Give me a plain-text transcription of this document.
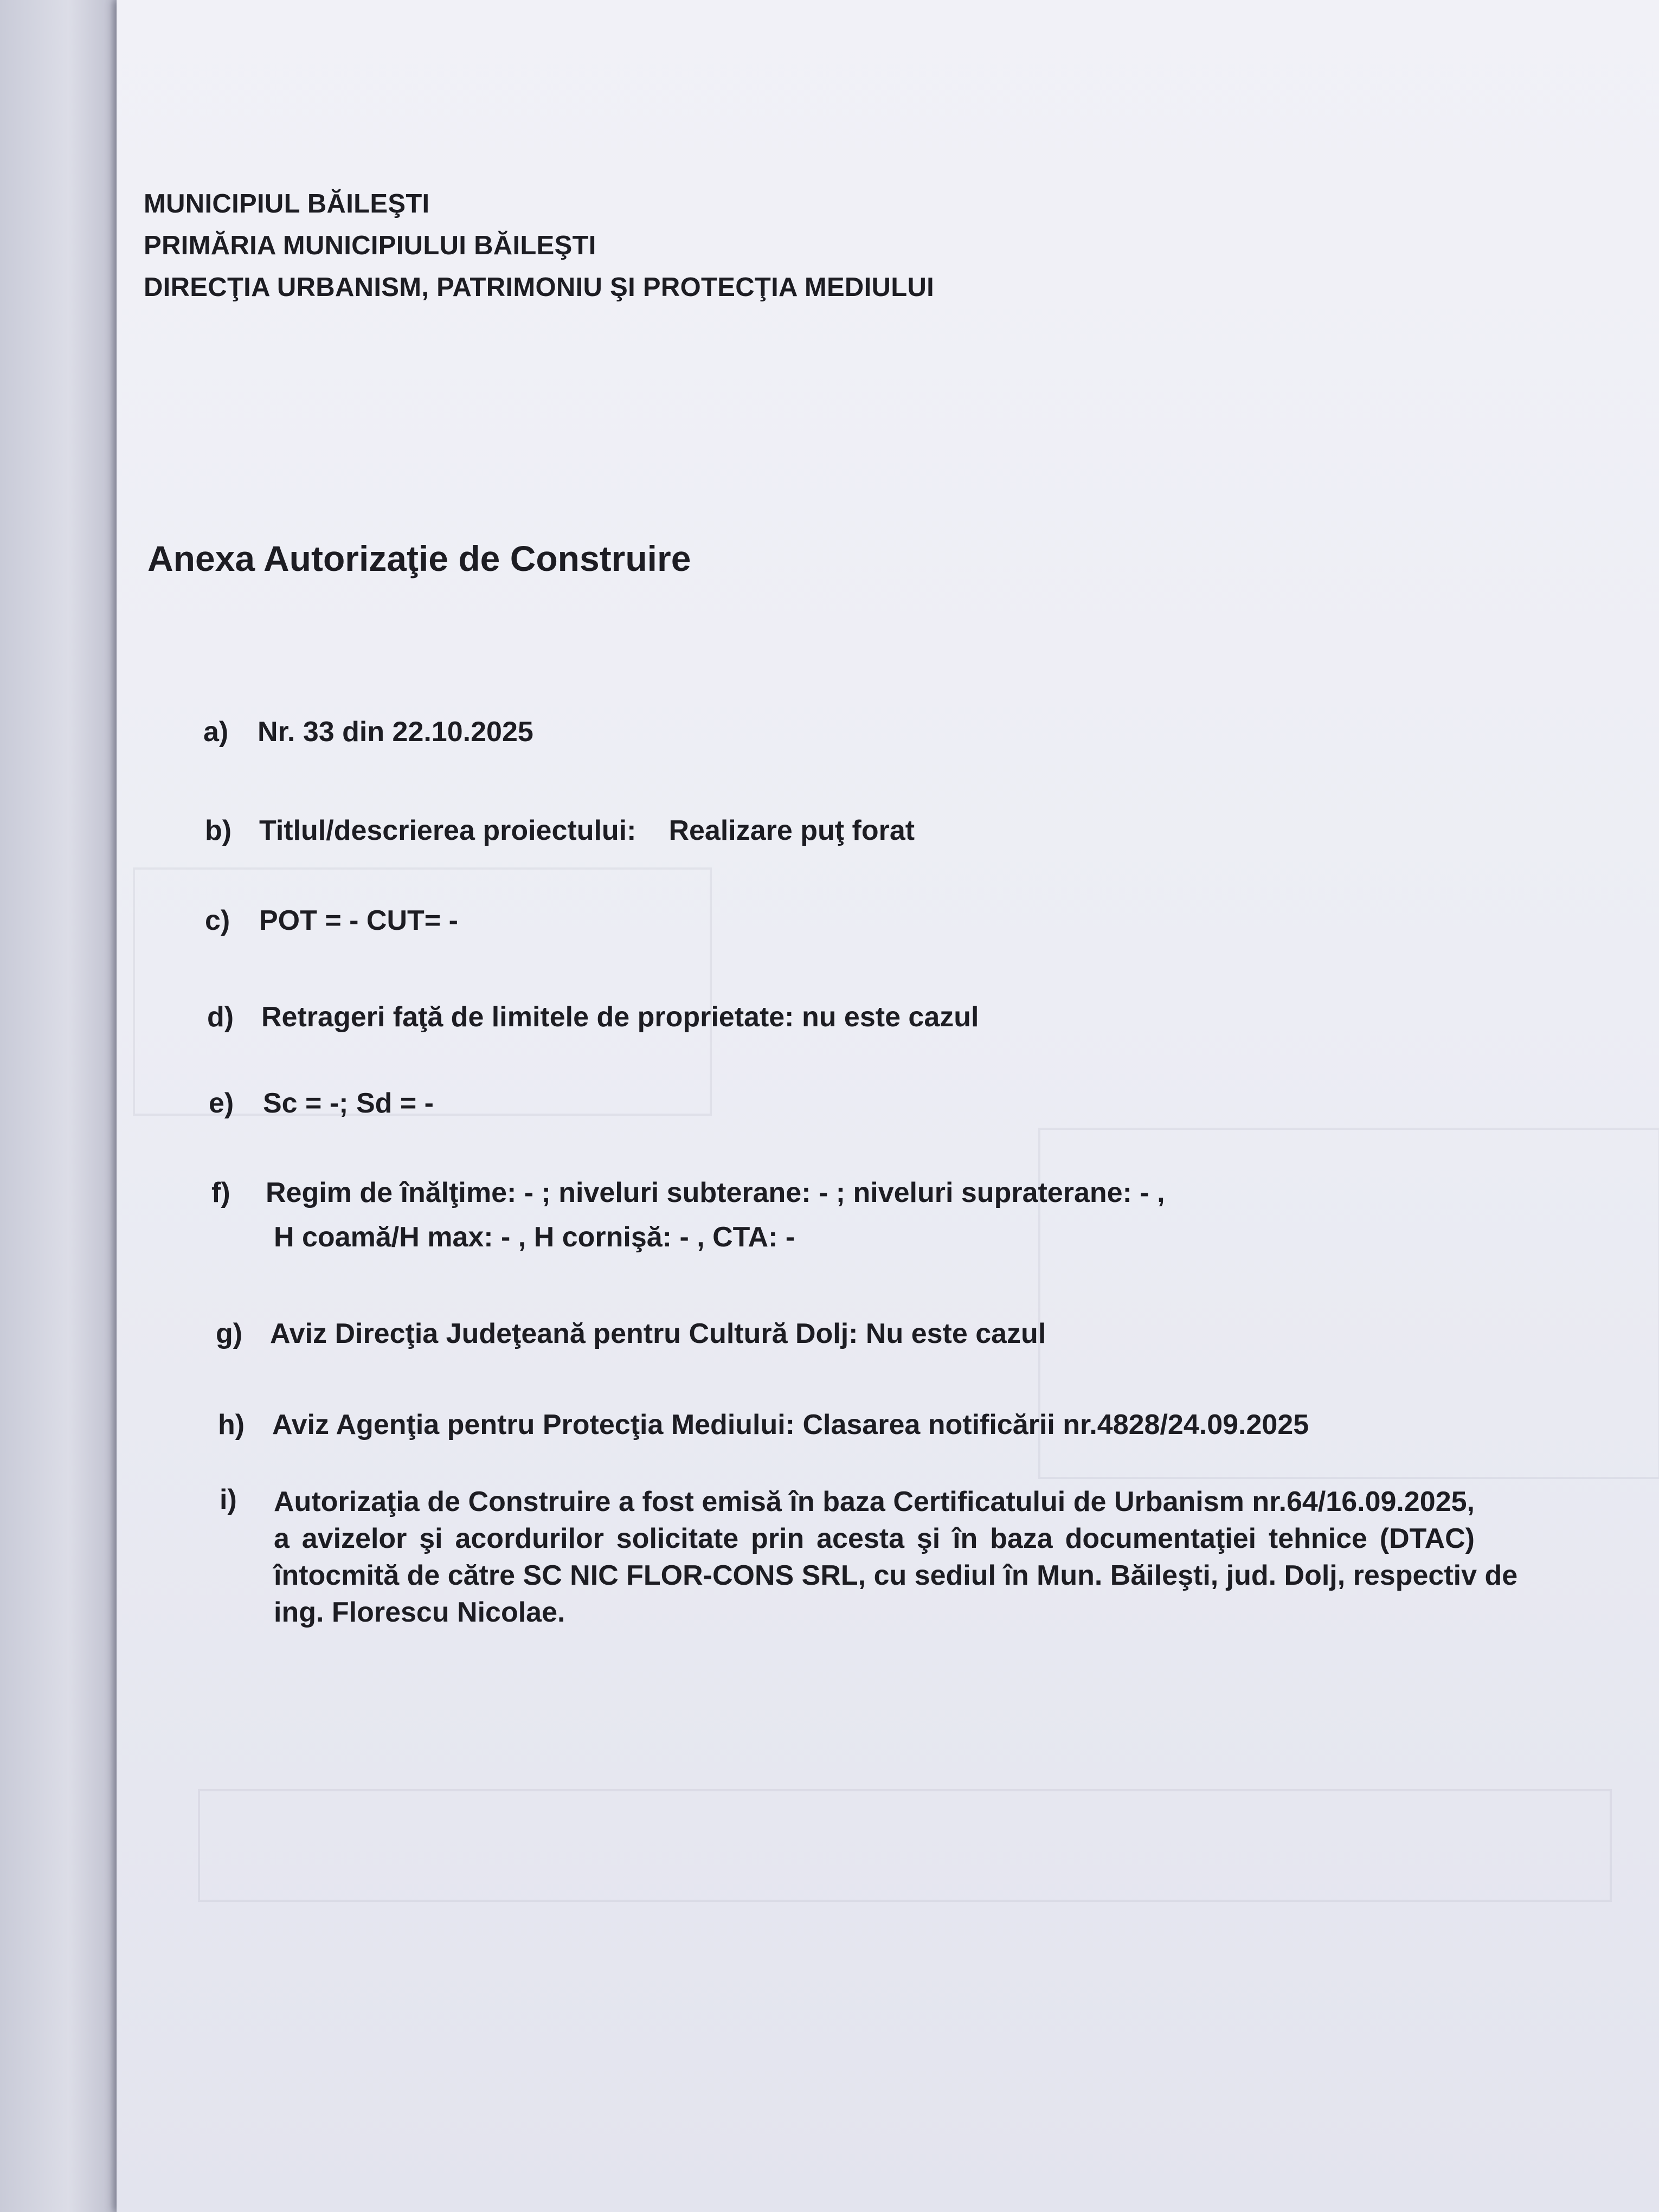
MUNICIPIUL BĂILEŞTI
PRIMĂRIA MUNICIPIULUI BĂILEŞTI
DIRECŢIA URBANISM, PATRIMONIU ŞI PROTECŢIA MEDIULUI
Anexa Autorizaţie de Construire
a) Nr. 33 din 22.10.2025
b) Titlul/descrierea proiectului: Realizare puţ forat
c) POT = - CUT= -
d) Retrageri faţă de limitele de proprietate: nu este cazul
e) Sc = -; Sd = -
f) Regim de înălţime: - ; niveluri subterane: - ; niveluri supraterane: - ,
H coamă/H max: - , H cornişă: - , CTA: -
g) Aviz Direcţia Judeţeană pentru Cultură Dolj: Nu este cazul
h) Aviz Agenţia pentru Protecţia Mediului: Clasarea notificării nr.4828/24.09.2025
i) Autorizaţia de Construire a fost emisă în baza Certificatului de Urbanism nr.64/16.09.2025,
a avizelor şi acordurilor solicitate prin acesta şi în baza documentaţiei tehnice (DTAC)
întocmită de către SC NIC FLOR-CONS SRL, cu sediul în Mun. Băileşti, jud. Dolj, respectiv de
ing. Florescu Nicolae.
